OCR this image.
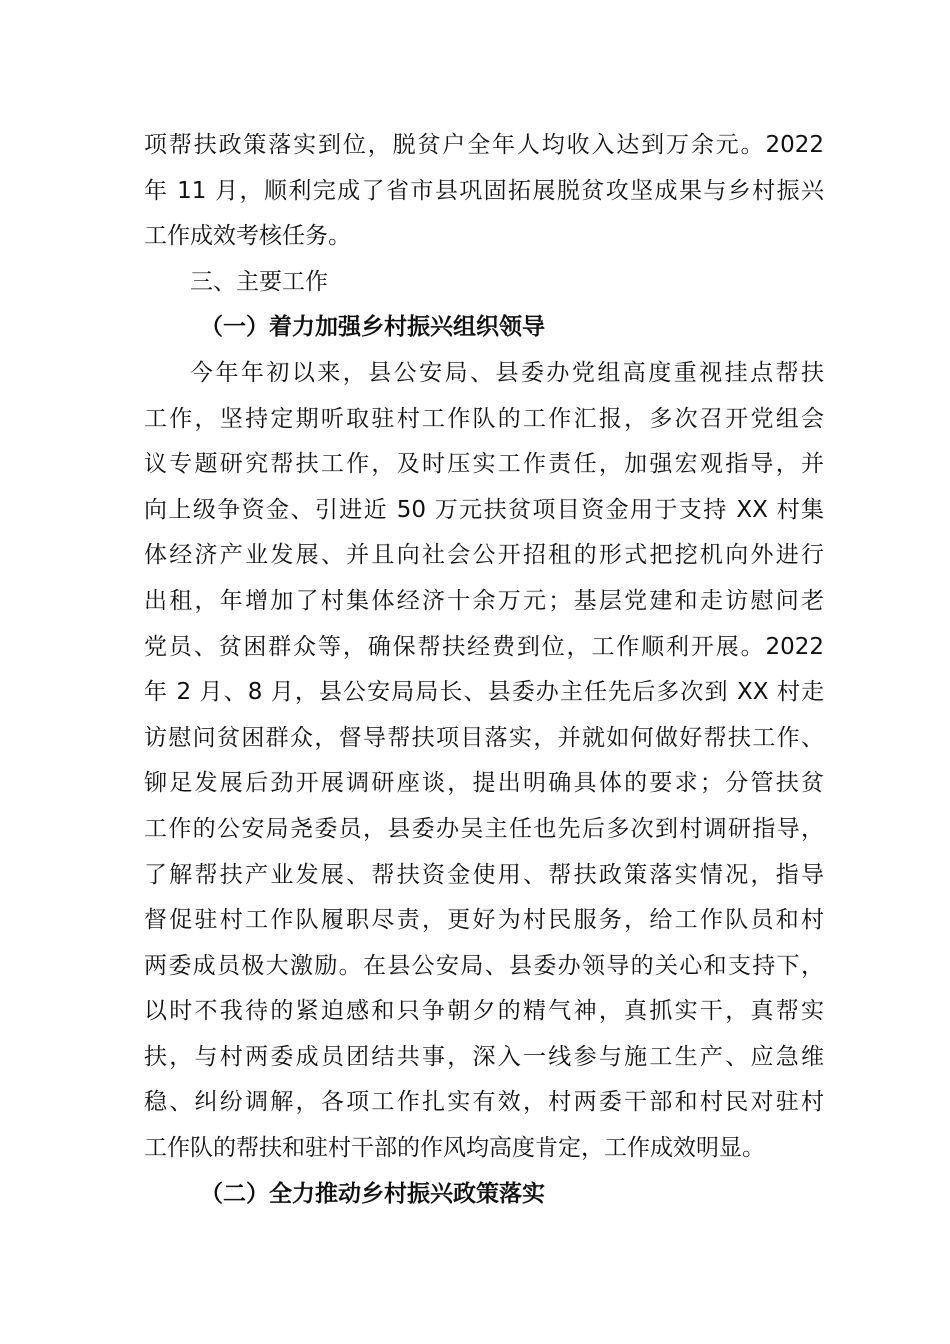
项帮扶政策落实到位，脱贫户全年人均收入达到万余元。2022
年 11 月，顺利完成了省市县巩固拓展脱贫攻坚成果与乡村振兴
工作成效考核任务。
三、主要工作
（一）着力加强乡村振兴组织领导
今年年初以来，县公安局、县委办党组高度重视挂点帮扶
工作，坚持定期听取驻村工作队的工作汇报，多次召开党组会
议专题研究帮扶工作，及时压实工作责任，加强宏观指导，并
向上级争资金、引进近 50 万元扶贫项目资金用于支持 XX 村集
体经济产业发展、并且向社会公开招租的形式把挖机向外进行
出租，年增加了村集体经济十余万元；基层党建和走访慰问老
党员、贫困群众等，确保帮扶经费到位，工作顺利开展。2022
年 2 月、8 月，县公安局局长、县委办主任先后多次到 XX 村走
访慰问贫困群众，督导帮扶项目落实，并就如何做好帮扶工作、
铆足发展后劲开展调研座谈，提出明确具体的要求；分管扶贫
工作的公安局尧委员，县委办吴主任也先后多次到村调研指导，
了解帮扶产业发展、帮扶资金使用、帮扶政策落实情况，指导
督促驻村工作队履职尽责，更好为村民服务，给工作队员和村
两委成员极大激励。在县公安局、县委办领导的关心和支持下，
以时不我待的紧迫感和只争朝夕的精气神，真抓实干，真帮实
扶，与村两委成员团结共事，深入一线参与施工生产、应急维
稳、纠纷调解，各项工作扎实有效，村两委干部和村民对驻村
工作队的帮扶和驻村干部的作风均高度肯定，工作成效明显。
（二）全力推动乡村振兴政策落实
